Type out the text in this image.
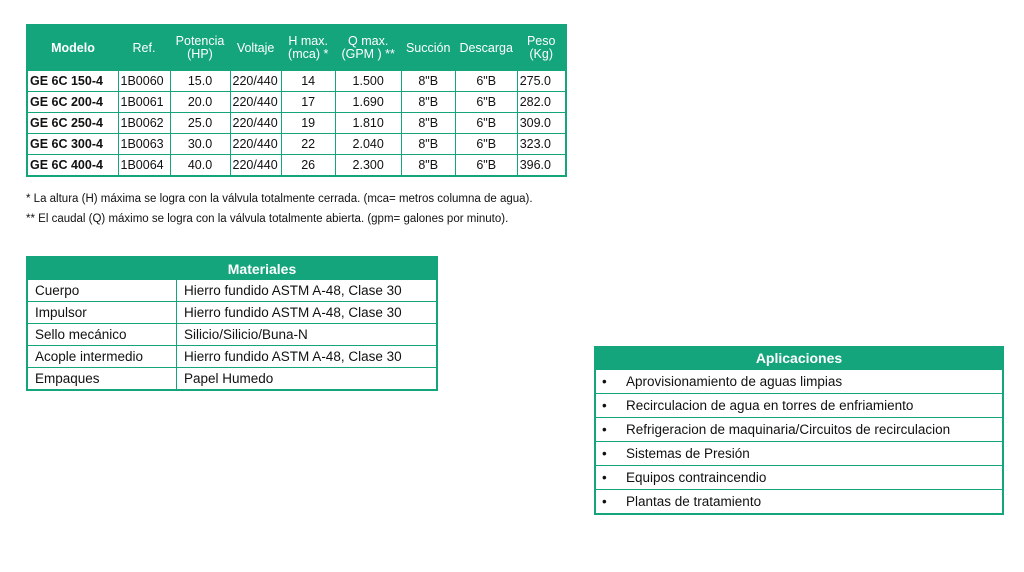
Modelo	Ref.	Potencia (HP)	Voltaje	H max. (mca) *	Q max. (GPM ) **	Succión	Descarga	Peso (Kg)
GE 6C 150-4	1B0060	15.0	220/440	14	1.500	8"B	6"B	275.0
GE 6C 200-4	1B0061	20.0	220/440	17	1.690	8"B	6"B	282.0
GE 6C 250-4	1B0062	25.0	220/440	19	1.810	8"B	6"B	309.0
GE 6C 300-4	1B0063	30.0	220/440	22	2.040	8"B	6"B	323.0
GE 6C 400-4	1B0064	40.0	220/440	26	2.300	8"B	6"B	396.0
* La altura (H) máxima se logra con la válvula totalmente cerrada. (mca= metros columna de agua).
** El caudal (Q) máximo se logra con la válvula totalmente abierta. (gpm= galones por minuto).
Materiales	
Cuerpo	Hierro fundido ASTM A-48, Clase 30
Impulsor	Hierro fundido ASTM A-48, Clase 30
Sello mecánico	Silicio/Silicio/Buna-N
Acople intermedio	Hierro fundido ASTM A-48, Clase 30
Empaques	Papel Humedo
Aplicaciones
• Aprovisionamiento de aguas limpias
• Recirculacion de agua en torres de enfriamiento
• Refrigeracion de maquinaria/Circuitos de recirculacion
• Sistemas de Presión
• Equipos contraincendio
• Plantas de tratamiento
